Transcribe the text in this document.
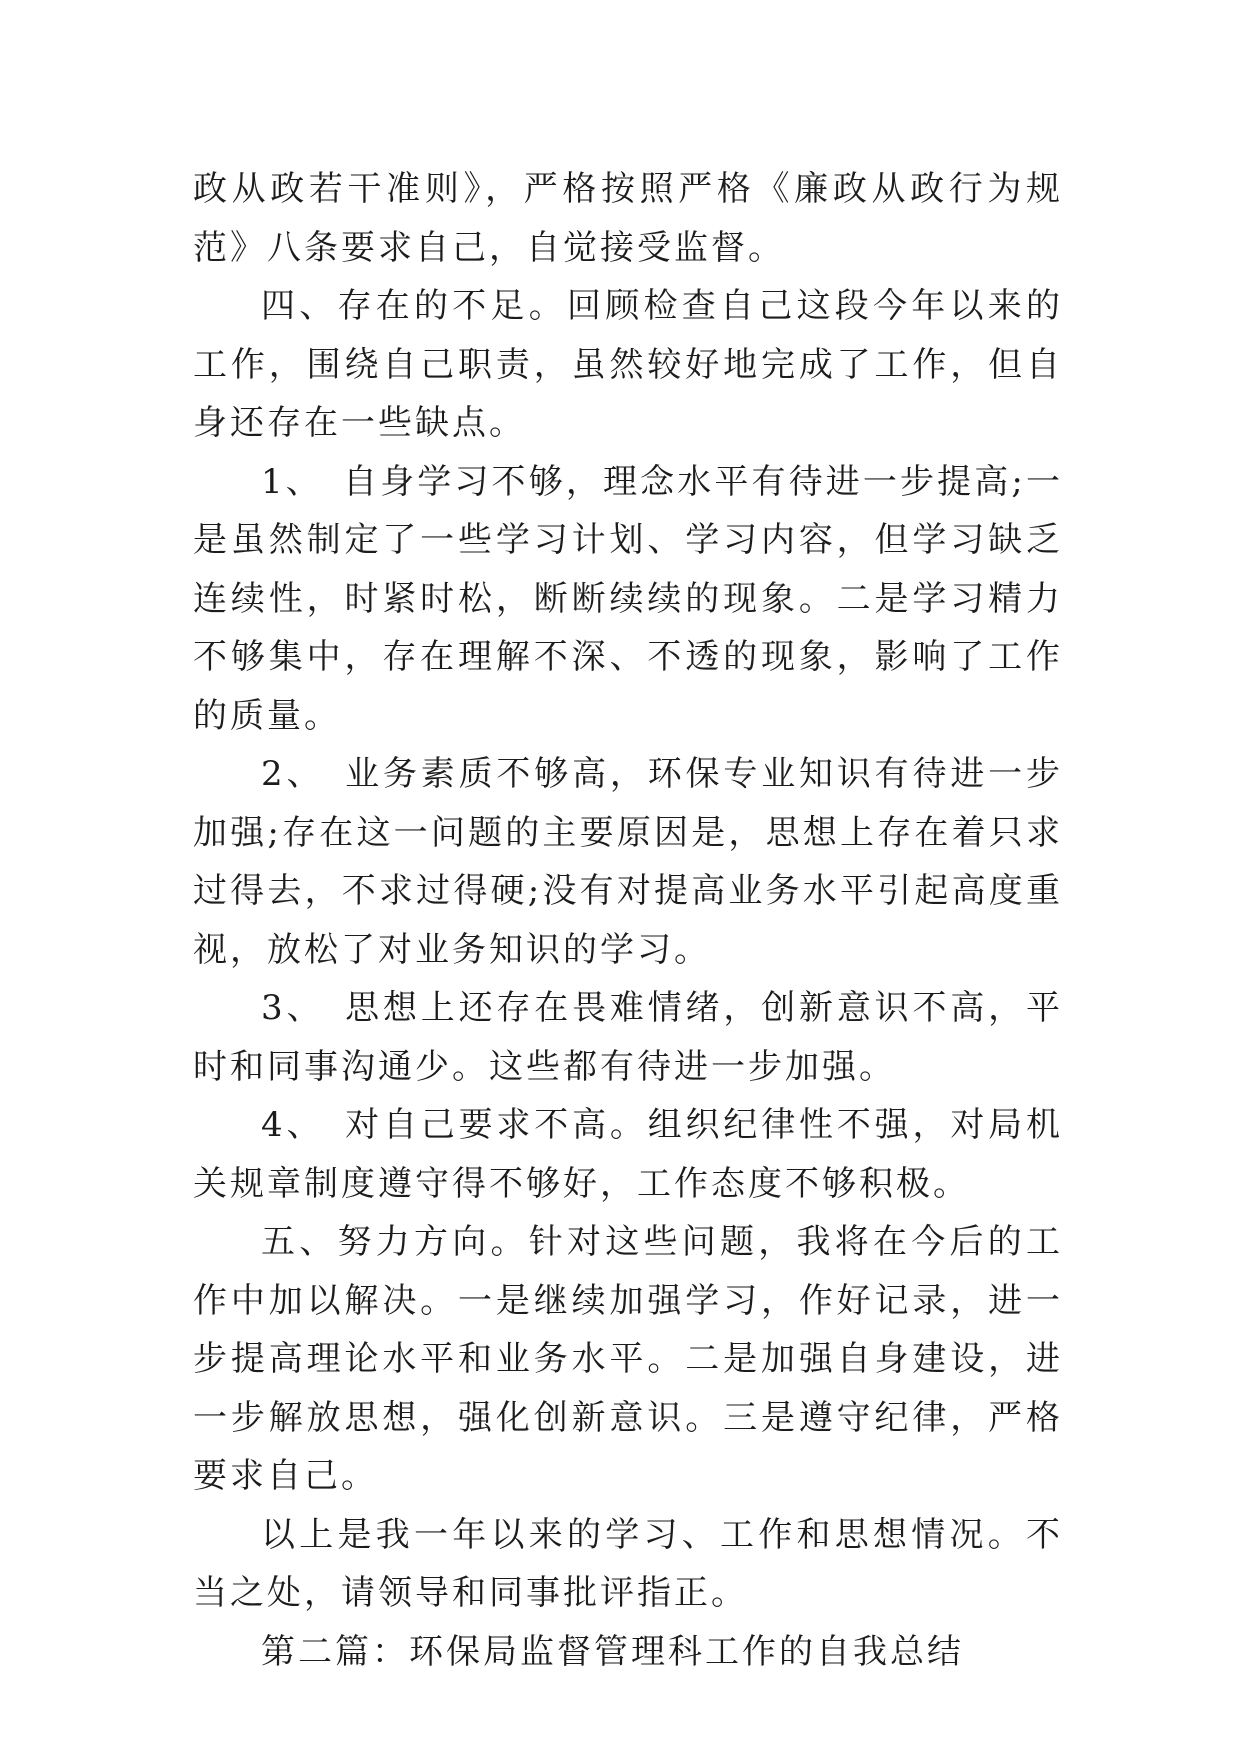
政从政若干准则》，严格按照严格《廉政从政行为规范》八条要求自己，自觉接受监督。

四、存在的不足。回顾检查自己这段今年以来的工作，围绕自己职责，虽然较好地完成了工作，但自身还存在一些缺点。

1、　自身学习不够，理念水平有待进一步提高;一是虽然制定了一些学习计划、学习内容，但学习缺乏连续性，时紧时松，断断续续的现象。二是学习精力不够集中，存在理解不深、不透的现象，影响了工作的质量。

2、　业务素质不够高，环保专业知识有待进一步加强;存在这一问题的主要原因是，思想上存在着只求过得去，不求过得硬;没有对提高业务水平引起高度重视，放松了对业务知识的学习。

3、　思想上还存在畏难情绪，创新意识不高，平时和同事沟通少。这些都有待进一步加强。

4、　对自己要求不高。组织纪律性不强，对局机关规章制度遵守得不够好，工作态度不够积极。

五、努力方向。针对这些问题，我将在今后的工作中加以解决。一是继续加强学习，作好记录，进一步提高理论水平和业务水平。二是加强自身建设，进一步解放思想，强化创新意识。三是遵守纪律，严格要求自己。

以上是我一年以来的学习、工作和思想情况。不当之处，请领导和同事批评指正。

第二篇：环保局监督管理科工作的自我总结
